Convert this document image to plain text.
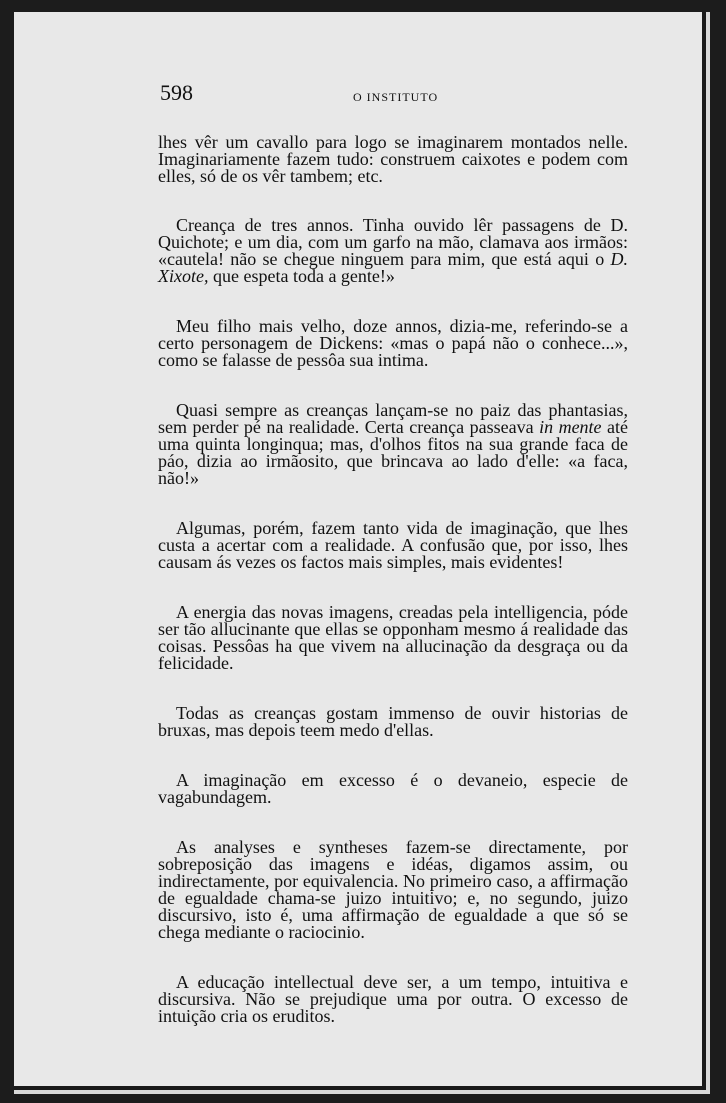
598	O INSTITUTO

lhes vêr um cavallo para logo se imaginarem montados nelle. Imaginariamente fazem tudo: construem caixotes e podem com elles, só de os vêr tambem; etc.

Creança de tres annos. Tinha ouvido lêr passagens de D. Quichote; e um dia, com um garfo na mão, clamava aos irmãos: «cautela! não se chegue ninguem para mim, que está aqui o D. Xixote, que espeta toda a gente!»

Meu filho mais velho, doze annos, dizia-me, referindo-se a certo personagem de Dickens: «mas o papá não o conhece...», como se falasse de pessôa sua intima.

Quasi sempre as creanças lançam-se no paiz das phantasias, sem perder pé na realidade. Certa creança passeava in mente até uma quinta longinqua; mas, d'olhos fitos na sua grande faca de páo, dizia ao irmãosito, que brincava ao lado d'elle: «a faca, não!»

Algumas, porém, fazem tanto vida de imaginação, que lhes custa a acertar com a realidade. A confusão que, por isso, lhes causam ás vezes os factos mais simples, mais evidentes!

A energia das novas imagens, creadas pela intelligencia, póde ser tão allucinante que ellas se opponham mesmo á realidade das coisas. Pessôas ha que vivem na allucinação da desgraça ou da felicidade.

Todas as creanças gostam immenso de ouvir historias de bruxas, mas depois teem medo d'ellas.

A imaginação em excesso é o devaneio, especie de vagabundagem.

As analyses e syntheses fazem-se directamente, por sobreposição das imagens e idéas, digamos assim, ou indirectamente, por equivalencia. No primeiro caso, a affirmação de egualdade chama-se juizo intuitivo; e, no segundo, juizo discursivo, isto é, uma affirmação de egualdade a que só se chega mediante o raciocinio.

A educação intellectual deve ser, a um tempo, intuitiva e discursiva. Não se prejudique uma por outra. O excesso de intuição cria os eruditos.
